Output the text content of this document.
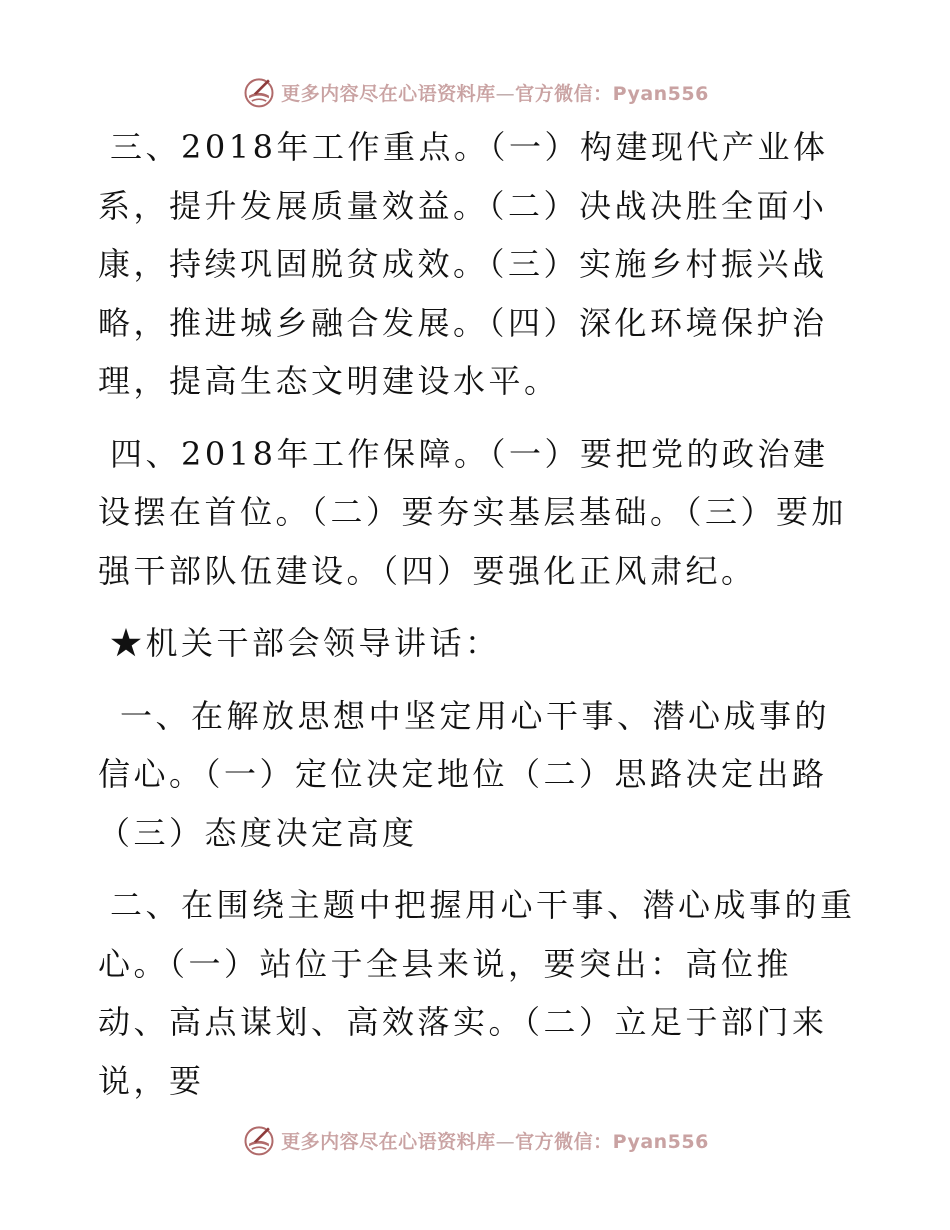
更多内容尽在心语资料库—官方微信：Pyan556

三、2018年工作重点。（一）构建现代产业体系，提升发展质量效益。（二）决战决胜全面小康，持续巩固脱贫成效。（三）实施乡村振兴战略，推进城乡融合发展。（四）深化环境保护治理，提高生态文明建设水平。

四、2018年工作保障。（一）要把党的政治建设摆在首位。（二）要夯实基层基础。（三）要加强干部队伍建设。（四）要强化正风肃纪。

★机关干部会领导讲话：

一、在解放思想中坚定用心干事、潜心成事的信心。（一）定位决定地位（二）思路决定出路（三）态度决定高度

二、在围绕主题中把握用心干事、潜心成事的重心。（一）站位于全县来说，要突出：高位推动、高点谋划、高效落实。（二）立足于部门来说，要

更多内容尽在心语资料库—官方微信：Pyan556
